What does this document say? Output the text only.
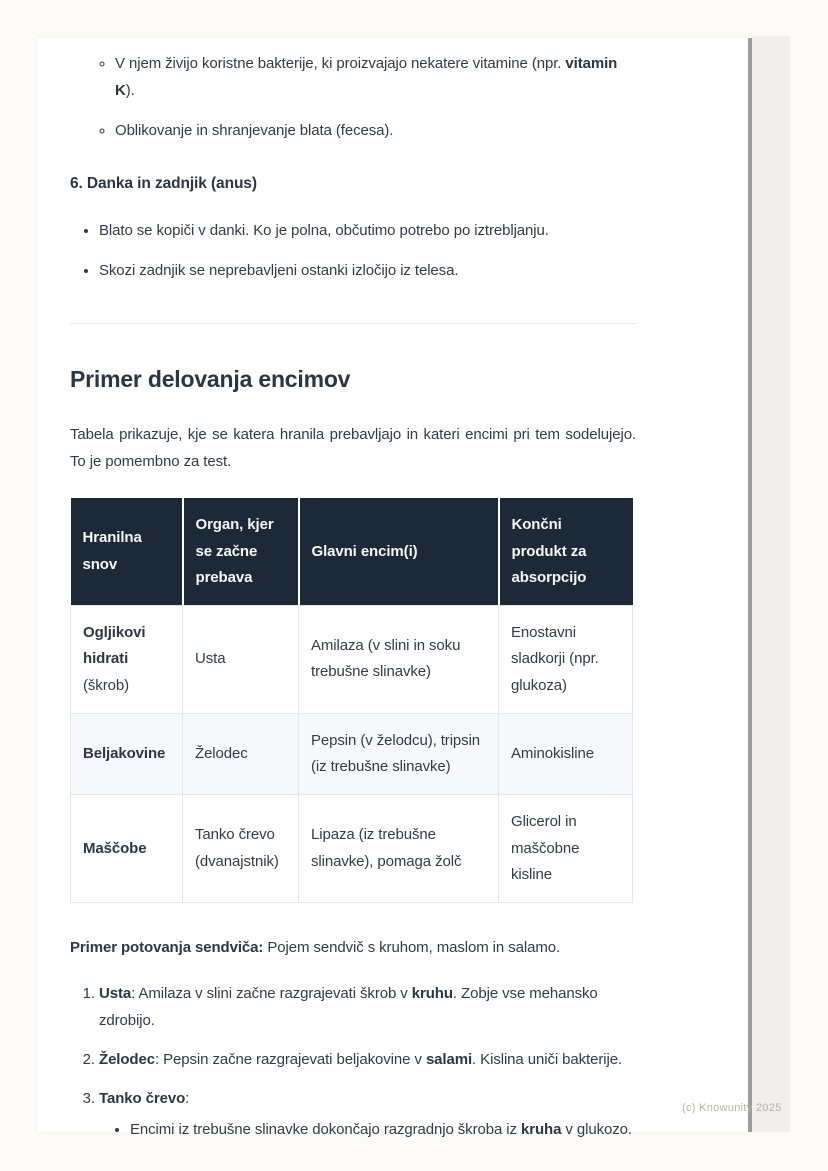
◦ V njem živijo koristne bakterije, ki proizvajajo nekatere vitamine (npr. vitamin K).
◦ Oblikovanje in shranjevanje blata (fecesa).
6. Danka in zadnjik (anus)
• Blato se kopiči v danki. Ko je polna, občutimo potrebo po iztrebljanju.
• Skozi zadnjik se neprebavljeni ostanki izločijo iz telesa.
Primer delovanja encimov

Tabela prikazuje, kje se katera hranila prebavljajo in kateri encimi pri tem sodelujejo. To je pomembno za test.

Hranilna snov	Organ, kjer se začne prebava	Glavni encim(i)	Končni produkt za absorpcijo
Ogljikovi hidrati (škrob)	Usta	Amilaza (v slini in soku trebušne slinavke)	Enostavni sladkorji (npr. glukoza)
Beljakovine	Želodec	Pepsin (v želodcu), tripsin (iz trebušne slinavke)	Aminokisline
Maščobe	Tanko črevo (dvanajstnik)	Lipaza (iz trebušne slinavke), pomaga žolč	Glicerol in maščobne kisline

Primer potovanja sendviča: Pojem sendvič s kruhom, maslom in salamo.

1. Usta: Amilaza v slini začne razgrajevati škrob v kruhu. Zobje vse mehansko zdrobijo.
2. Želodec: Pepsin začne razgrajevati beljakovine v salami. Kislina uniči bakterije.
3. Tanko črevo:
• Encimi iz trebušne slinavke dokončajo razgradnjo škroba iz kruha v glukozo.
(c) Knowunity 2025
